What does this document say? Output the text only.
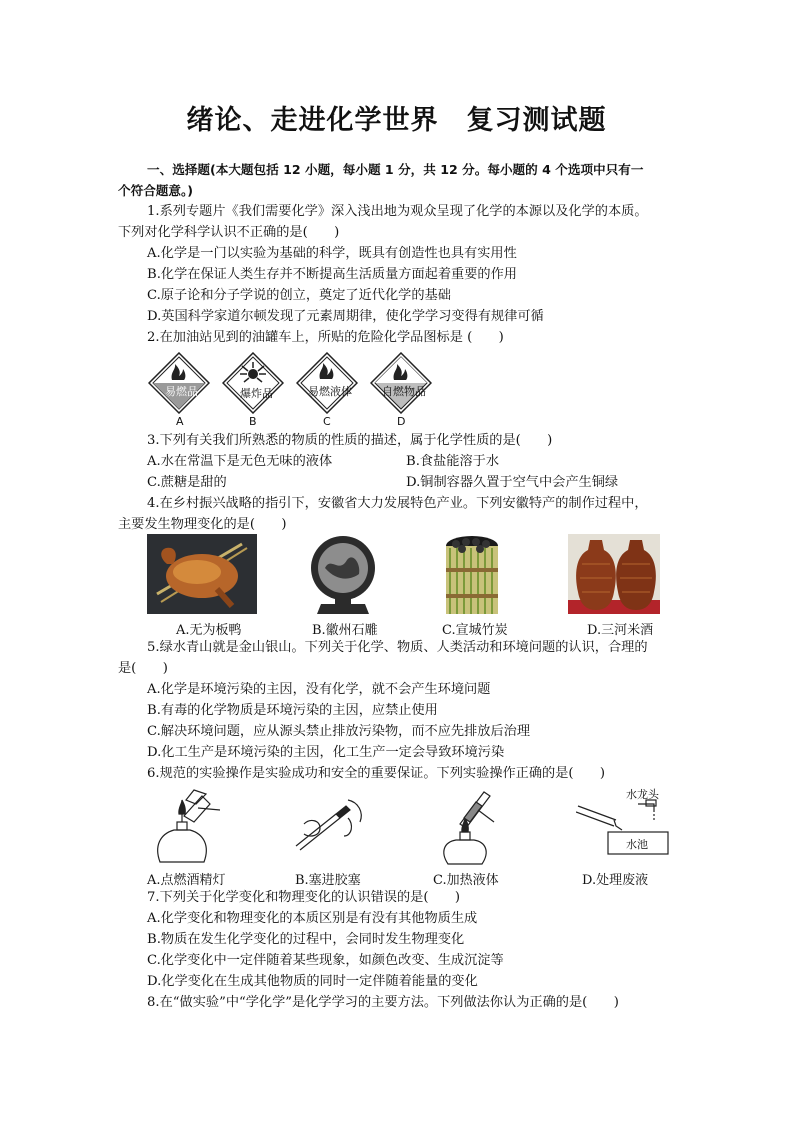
绪论、走进化学世界　复习测试题
一、选择题(本大题包括 12 小题，每小题 1 分，共 12 分。每小题的 4 个选项中只有一
个符合题意。)
1.系列专题片《我们需要化学》深入浅出地为观众呈现了化学的本源以及化学的本质。
下列对化学科学认识不正确的是(　　)
A.化学是一门以实验为基础的科学，既具有创造性也具有实用性
B.化学在保证人类生存并不断提高生活质量方面起着重要的作用
C.原子论和分子学说的创立，奠定了近代化学的基础
D.英国科学家道尔顿发现了元素周期律，使化学学习变得有规律可循
2.在加油站见到的油罐车上，所贴的危险化学品图标是 (　　)
易燃品
A
爆炸品
B
易燃液体
C
自燃物品
D
3.下列有关我们所熟悉的物质的性质的描述，属于化学性质的是(　　)
A.水在常温下是无色无味的液体	B.食盐能溶于水
C.蔗糖是甜的	D.铜制容器久置于空气中会产生铜绿
4.在乡村振兴战略的指引下，安徽省大力发展特色产业。下列安徽特产的制作过程中，
主要发生物理变化的是(　　)
A.无为板鸭	B.徽州石雕	C.宣城竹炭	D.三河米酒
5.绿水青山就是金山银山。下列关于化学、物质、人类活动和环境问题的认识，合理的
是(　　)
A.化学是环境污染的主因，没有化学，就不会产生环境问题
B.有毒的化学物质是环境污染的主因，应禁止使用
C.解决环境问题，应从源头禁止排放污染物，而不应先排放后治理
D.化工生产是环境污染的主因，化工生产一定会导致环境污染
6.规范的实验操作是实验成功和安全的重要保证。下列实验操作正确的是(　　)
水龙头
水池
A.点燃酒精灯	B.塞进胶塞	C.加热液体	D.处理废液
7.下列关于化学变化和物理变化的认识错误的是(　　)
A.化学变化和物理变化的本质区别是有没有其他物质生成
B.物质在发生化学变化的过程中，会同时发生物理变化
C.化学变化中一定伴随着某些现象，如颜色改变、生成沉淀等
D.化学变化在生成其他物质的同时一定伴随着能量的变化
8.在“做实验”中“学化学”是化学学习的主要方法。下列做法你认为正确的是(　　)
